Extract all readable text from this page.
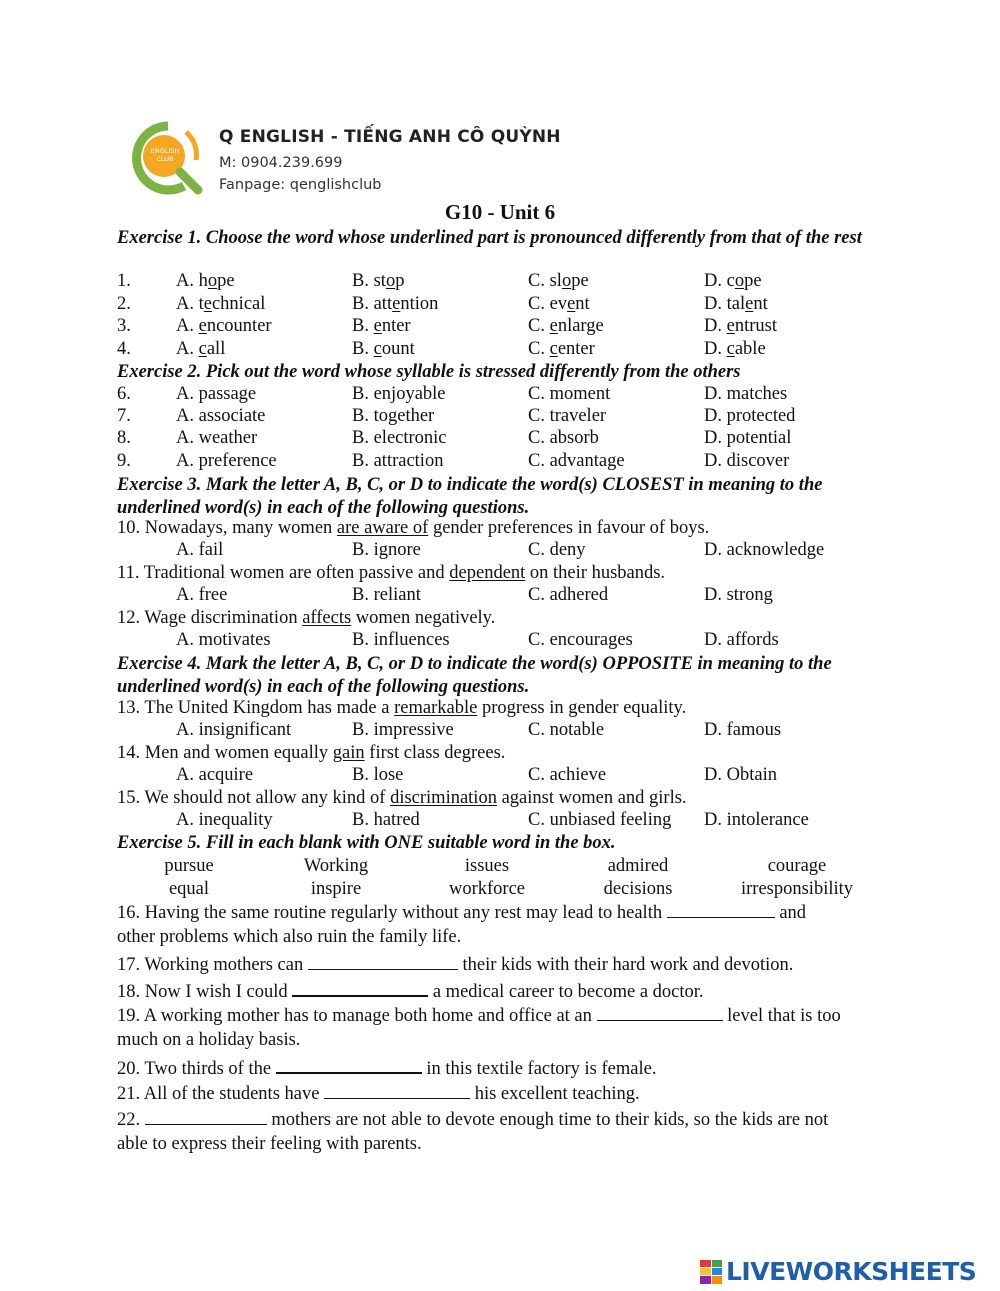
ENGLISH CLUB
Q ENGLISH - TIẾNG ANH CÔ QUỲNH
M: 0904.239.699
Fanpage: qenglishclub
G10 - Unit 6
Exercise 1. Choose the word whose underlined part is pronounced differently from that of the rest
1. A. hope	B. stop	C. slope	D. cope
2. A. technical	B. attention	C. event	D. talent
3. A. encounter	B. enter	C. enlarge	D. entrust
4. A. call	B. count	C. center	D. cable
Exercise 2. Pick out the word whose syllable is stressed differently from the others
6. A. passage	B. enjoyable	C. moment	D. matches
7. A. associate	B. together	C. traveler	D. protected
8. A. weather	B. electronic	C. absorb	D. potential
9. A. preference	B. attraction	C. advantage	D. discover
Exercise 3. Mark the letter A, B, C, or D to indicate the word(s) CLOSEST in meaning to the underlined word(s) in each of the following questions.
10. Nowadays, many women are aware of gender preferences in favour of boys.
A. fail	B. ignore	C. deny	D. acknowledge
11. Traditional women are often passive and dependent on their husbands.
A. free	B. reliant	C. adhered	D. strong
12. Wage discrimination affects women negatively.
A. motivates	B. influences	C. encourages	D. affords
Exercise 4. Mark the letter A, B, C, or D to indicate the word(s) OPPOSITE in meaning to the underlined word(s) in each of the following questions.
13. The United Kingdom has made a remarkable progress in gender equality.
A. insignificant	B. impressive	C. notable	D. famous
14. Men and women equally gain first class degrees.
A. acquire	B. lose	C. achieve	D. Obtain
15. We should not allow any kind of discrimination against women and girls.
A. inequality	B. hatred	C. unbiased feeling D. intolerance
Exercise 5. Fill in each blank with ONE suitable word in the box.
pursue	Working	issues	admired	courage
equal	inspire	workforce	decisions	irresponsibility
16. Having the same routine regularly without any rest may lead to health	and
other problems which also ruin the family life.
17. Working mothers can	their kids with their hard work and devotion.
18. Now I wish I could	a medical career to become a doctor.
19. A working mother has to manage both home and office at an	level that is too
much on a holiday basis.
20. Two thirds of the	in this textile factory is female.
21. All of the students have	his excellent teaching.
22.	mothers are not able to devote enough time to their kids, so the kids are not
able to express their feeling with parents.
LIVEWORKSHEETS
